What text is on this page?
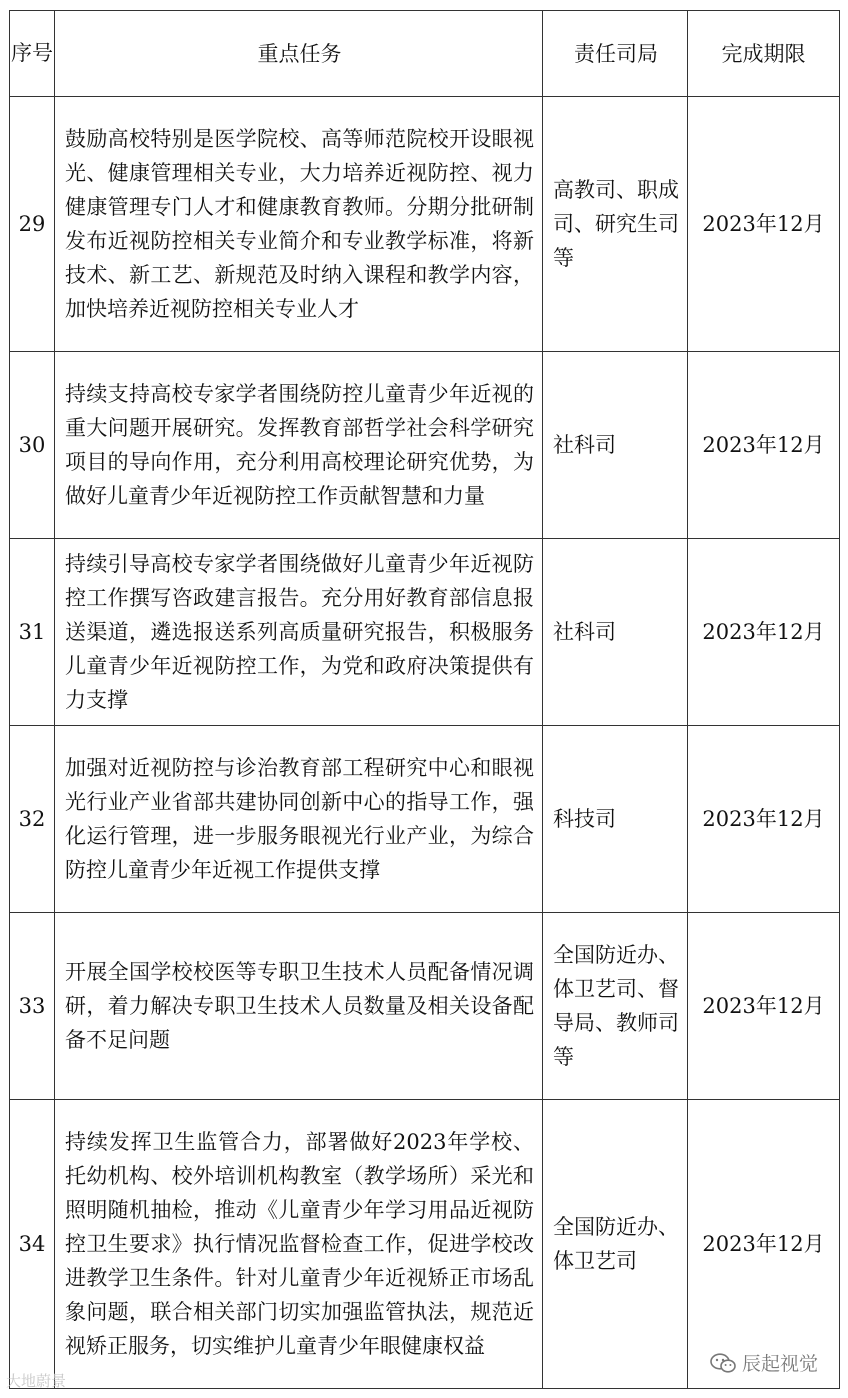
序号	重点任务	责任司局	完成期限
29	鼓励高校特别是医学院校、高等师范院校开设眼视光、健康管理相关专业，大力培养近视防控、视力健康管理专门人才和健康教育教师。分期分批研制发布近视防控相关专业简介和专业教学标准，将新技术、新工艺、新规范及时纳入课程和教学内容，加快培养近视防控相关专业人才	高教司、职成司、研究生司等	2023年12月
30	持续支持高校专家学者围绕防控儿童青少年近视的重大问题开展研究。发挥教育部哲学社会科学研究项目的导向作用，充分利用高校理论研究优势，为做好儿童青少年近视防控工作贡献智慧和力量	社科司	2023年12月
31	持续引导高校专家学者围绕做好儿童青少年近视防控工作撰写咨政建言报告。充分用好教育部信息报送渠道，遴选报送系列高质量研究报告，积极服务儿童青少年近视防控工作，为党和政府决策提供有力支撑	社科司	2023年12月
32	加强对近视防控与诊治教育部工程研究中心和眼视光行业产业省部共建协同创新中心的指导工作，强化运行管理，进一步服务眼视光行业产业，为综合防控儿童青少年近视工作提供支撑	科技司	2023年12月
33	开展全国学校校医等专职卫生技术人员配备情况调研，着力解决专职卫生技术人员数量及相关设备配备不足问题	全国防近办、体卫艺司、督导局、教师司等	2023年12月
34	持续发挥卫生监管合力，部署做好2023年学校、托幼机构、校外培训机构教室（教学场所）采光和照明随机抽检，推动《儿童青少年学习用品近视防控卫生要求》执行情况监督检查工作，促进学校改进教学卫生条件。针对儿童青少年近视矫正市场乱象问题，联合相关部门切实加强监管执法，规范近视矫正服务，切实维护儿童青少年眼健康权益	全国防近办、体卫艺司	2023年12月
大地蔚景
辰起视觉
